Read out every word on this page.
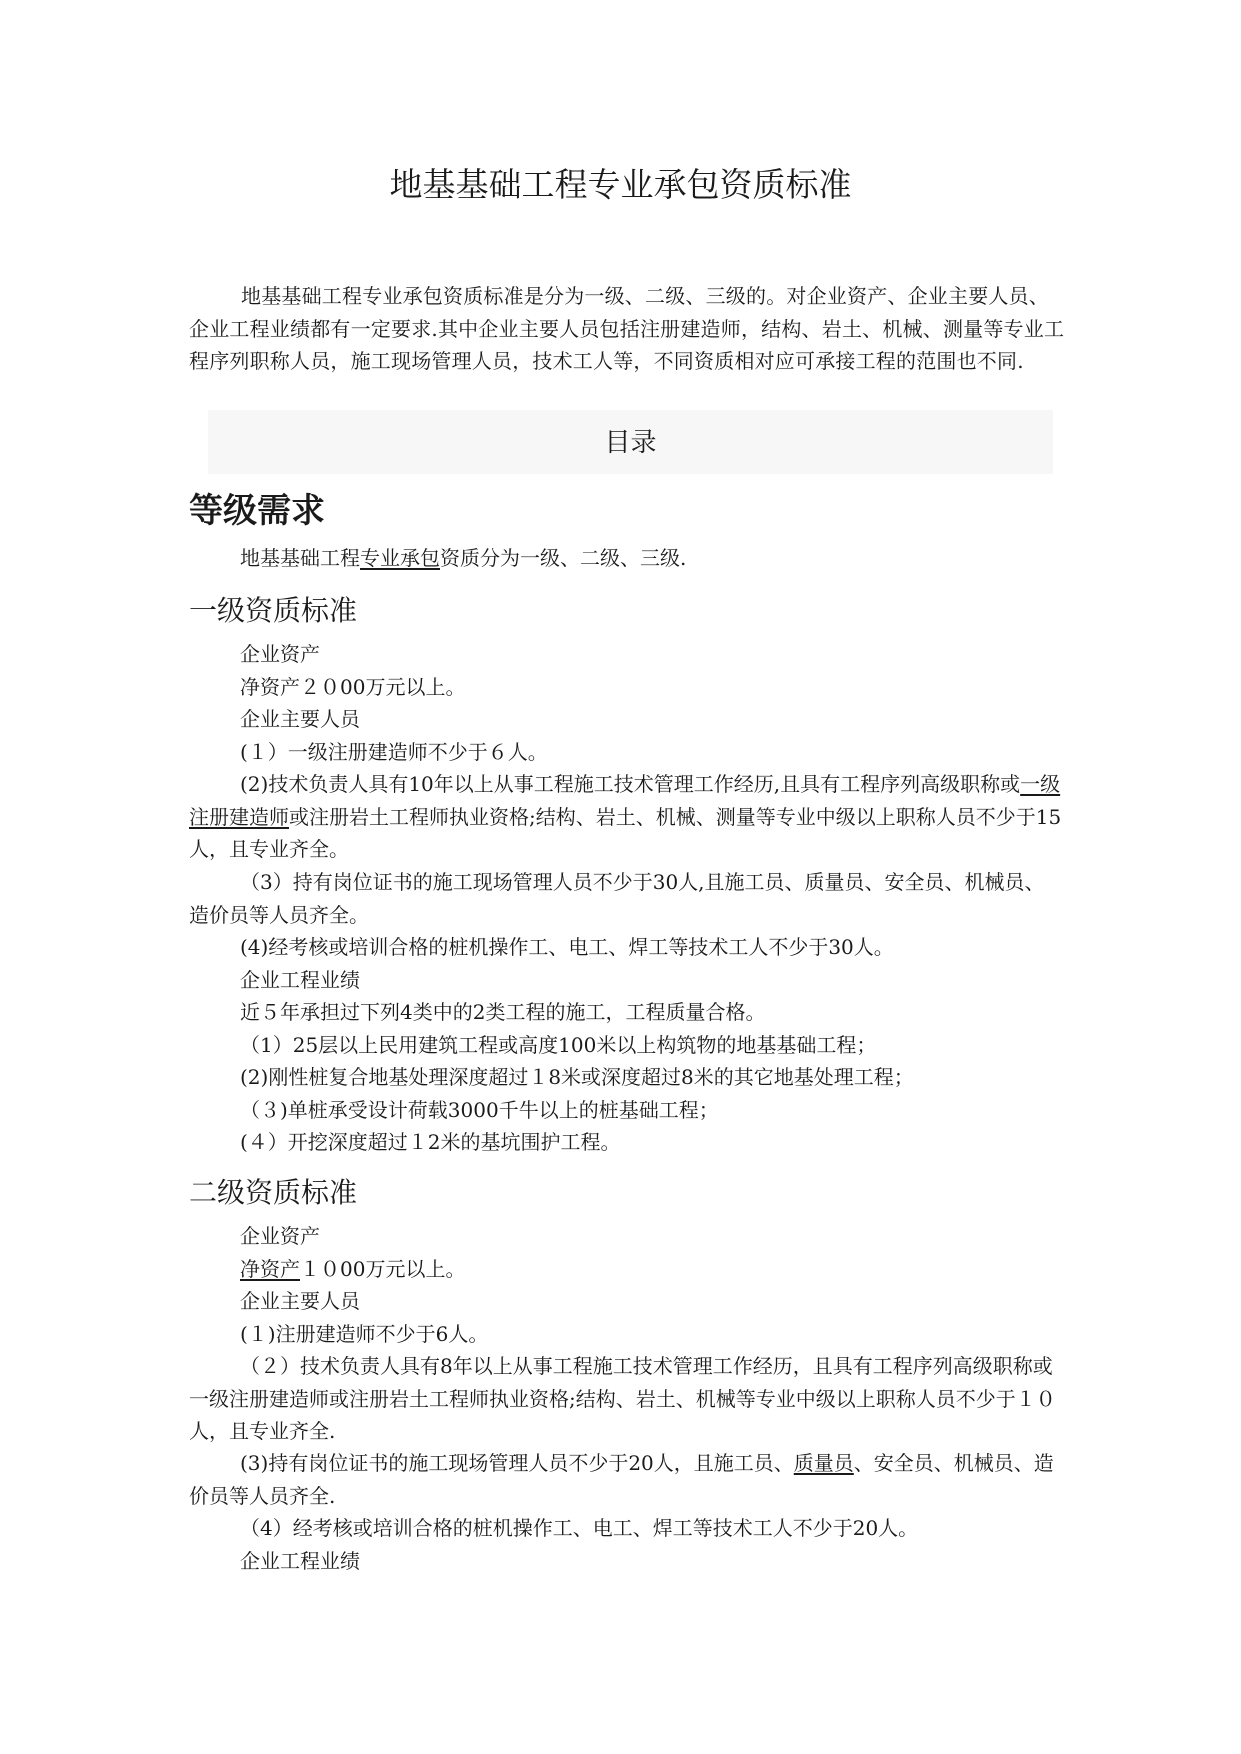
地基基础工程专业承包资质标准

地基基础工程专业承包资质标准是分为一级、二级、三级的。对企业资产、企业主要人员、企业工程业绩都有一定要求.其中企业主要人员包括注册建造师，结构、岩土、机械、测量等专业工程序列职称人员，施工现场管理人员，技术工人等，不同资质相对应可承接工程的范围也不同.

目录
等级需求
地基基础工程专业承包资质分为一级、二级、三级.
一级资质标准
企业资产
净资产２０00万元以上。
企业主要人员
(１）一级注册建造师不少于６人。

(2)技术负责人具有10年以上从事工程施工技术管理工作经历,且具有工程序列高级职称或一级注册建造师或注册岩土工程师执业资格;结构、岩土、机械、测量等专业中级以上职称人员不少于15人，且专业齐全。

（3）持有岗位证书的施工现场管理人员不少于30人,且施工员、质量员、安全员、机械员、造价员等人员齐全。

(4)经考核或培训合格的桩机操作工、电工、焊工等技术工人不少于30人。
企业工程业绩
近５年承担过下列4类中的2类工程的施工，工程质量合格。
（1）25层以上民用建筑工程或高度100米以上构筑物的地基基础工程；
(2)刚性桩复合地基处理深度超过１8米或深度超过8米的其它地基处理工程；
（３)单桩承受设计荷载3000千牛以上的桩基础工程；
(４）开挖深度超过１2米的基坑围护工程。
二级资质标准
企业资产
净资产１０00万元以上。
企业主要人员
(１)注册建造师不少于6人。

（２）技术负责人具有8年以上从事工程施工技术管理工作经历，且具有工程序列高级职称或一级注册建造师或注册岩土工程师执业资格;结构、岩土、机械等专业中级以上职称人员不少于１０人，且专业齐全.

(3)持有岗位证书的施工现场管理人员不少于20人，且施工员、质量员、安全员、机械员、造价员等人员齐全.

（4）经考核或培训合格的桩机操作工、电工、焊工等技术工人不少于20人。
企业工程业绩
